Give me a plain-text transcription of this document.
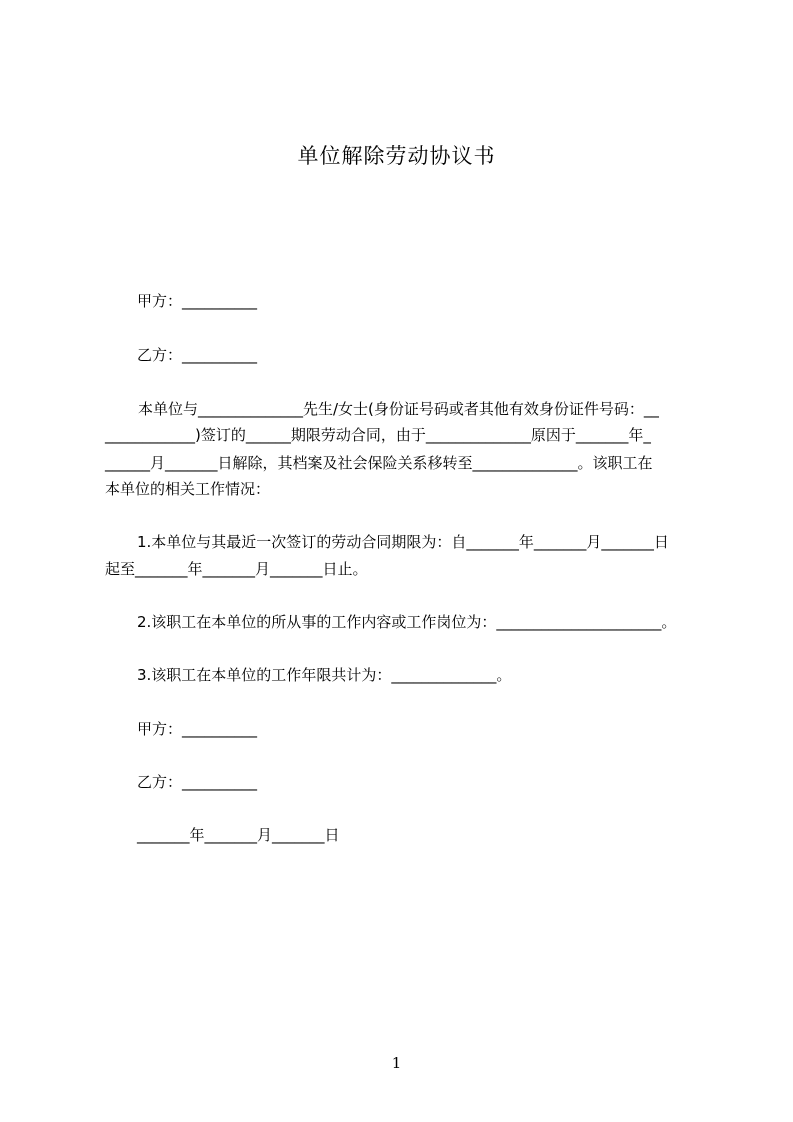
单位解除劳动协议书
甲方：__________
乙方：__________
本单位与______________先生/女士(身份证号码或者其他有效身份证件号码：__
____________)签订的______期限劳动合同，由于______________原因于_______年_
______月_______日解除，其档案及社会保险关系移转至______________。该职工在
本单位的相关工作情况：
1.本单位与其最近一次签订的劳动合同期限为：自_______年_______月_______日
起至_______年_______月_______日止。
2.该职工在本单位的所从事的工作内容或工作岗位为：______________________。
3.该职工在本单位的工作年限共计为：______________。
甲方：__________
乙方：__________
_______年_______月_______日
1
